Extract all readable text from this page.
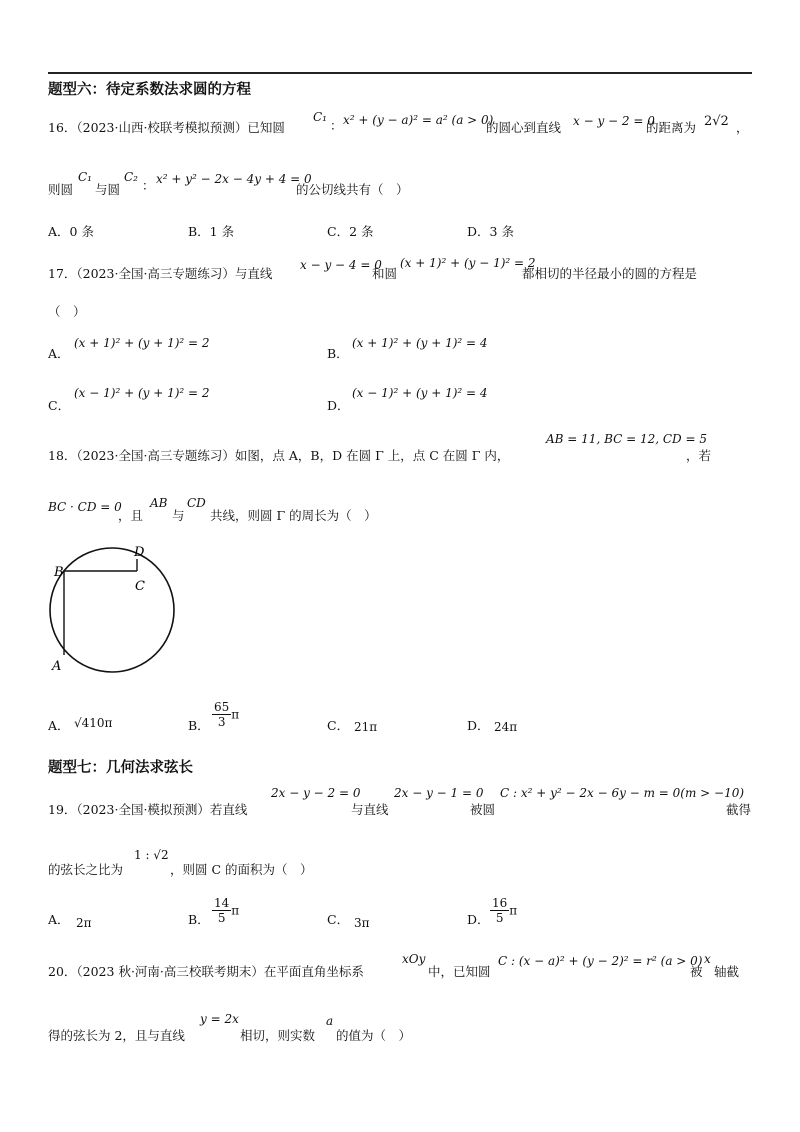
题型六：待定系数法求圆的方程
16．（2023·山西·校联考模拟预测）已知圆
C₁
： x² + (y − a)² = a² (a > 0)
的圆心到直线 x − y − 2 = 0
的距离为 2√2 ，
则圆
C₁
与圆
C₂
： x² + y² − 2x − 4y + 4 = 0
的公切线共有（　）
A．0 条	B．1 条	C．2 条	D．3 条
17．（2023·全国·高三专题练习）与直线
x − y − 4 = 0
和圆
(x + 1)² + (y − 1)² = 2
都相切的半径最小的圆的方程是
（　）
A．
(x + 1)² + (y + 1)² = 2
B．
(x + 1)² + (y + 1)² = 4
C．
(x − 1)² + (y + 1)² = 2
D．
(x − 1)² + (y + 1)² = 4
18．（2023·全国·高三专题练习）如图，点 A，B，D 在圆 Γ 上，点 C 在圆 Γ 内，
AB = 11, BC = 12, CD = 5
，若
BC · CD = 0
，且
AB
与
CD
共线，则圆 Γ 的周长为（　）
B
C
D
A
A． √410π	B． $\frac{65}{3}$ π
C． 21π	D． 24π
题型七：几何法求弦长
19．（2023·全国·模拟预测）若直线
2x − y − 2 = 0
与直线
2x − y − 1 = 0
被圆
C : x² + y² − 2x − 6y − m = 0(m > −10)
截得
的弦长之比为
1 : √2
，则圆 C 的面积为（　）
A． 2π	B． $\frac{14}{5}$ π
C． 3π	D． $\frac{16}{5}$ π
20．（2023 秋·河南·高三校联考期末）在平面直角坐标系
xOy
中，已知圆
C : (x − a)² + (y − 2)² = r² (a > 0)
被
x
轴截
得的弦长为 2，且与直线
y = 2x
相切，则实数
a
的值为（　）
